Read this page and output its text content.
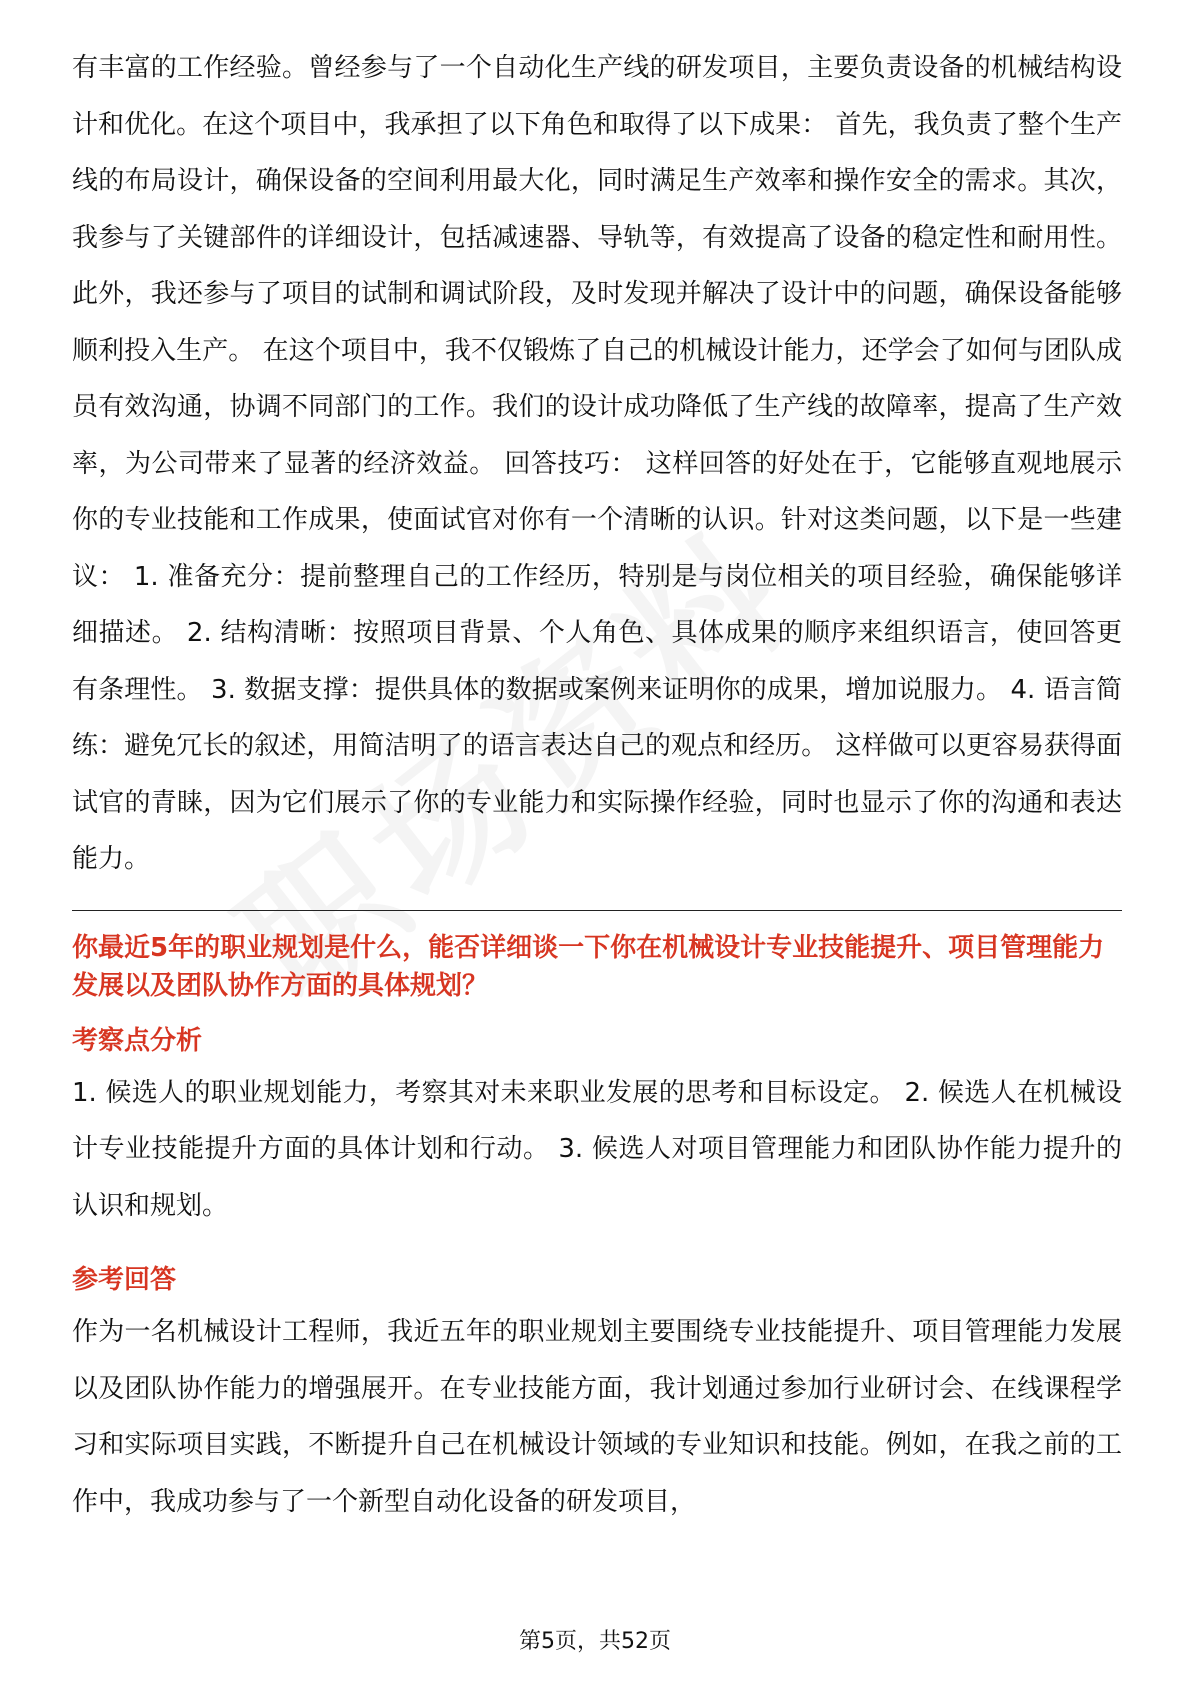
有丰富的工作经验。曾经参与了一个自动化生产线的研发项目，主要负责设备的机械结构设计和优化。在这个项目中，我承担了以下角色和取得了以下成果： 首先，我负责了整个生产线的布局设计，确保设备的空间利用最大化，同时满足生产效率和操作安全的需求。其次，我参与了关键部件的详细设计，包括减速器、导轨等，有效提高了设备的稳定性和耐用性。此外，我还参与了项目的试制和调试阶段，及时发现并解决了设计中的问题，确保设备能够顺利投入生产。 在这个项目中，我不仅锻炼了自己的机械设计能力，还学会了如何与团队成员有效沟通，协调不同部门的工作。我们的设计成功降低了生产线的故障率，提高了生产效率，为公司带来了显著的经济效益。 回答技巧： 这样回答的好处在于，它能够直观地展示你的专业技能和工作成果，使面试官对你有一个清晰的认识。针对这类问题，以下是一些建议： 1. 准备充分：提前整理自己的工作经历，特别是与岗位相关的项目经验，确保能够详细描述。 2. 结构清晰：按照项目背景、个人角色、具体成果的顺序来组织语言，使回答更有条理性。 3. 数据支撑：提供具体的数据或案例来证明你的成果，增加说服力。 4. 语言简练：避免冗长的叙述，用简洁明了的语言表达自己的观点和经历。 这样做可以更容易获得面试官的青睐，因为它们展示了你的专业能力和实际操作经验，同时也显示了你的沟通和表达能力。

你最近5年的职业规划是什么，能否详细谈一下你在机械设计专业技能提升、项目管理能力发展以及团队协作方面的具体规划？

考察点分析

1. 候选人的职业规划能力，考察其对未来职业发展的思考和目标设定。 2. 候选人在机械设计专业技能提升方面的具体计划和行动。 3. 候选人对项目管理能力和团队协作能力提升的认识和规划。

参考回答

作为一名机械设计工程师，我近五年的职业规划主要围绕专业技能提升、项目管理能力发展以及团队协作能力的增强展开。在专业技能方面，我计划通过参加行业研讨会、在线课程学习和实际项目实践，不断提升自己在机械设计领域的专业知识和技能。例如，在我之前的工作中，我成功参与了一个新型自动化设备的研发项目，

第5页，共52页
